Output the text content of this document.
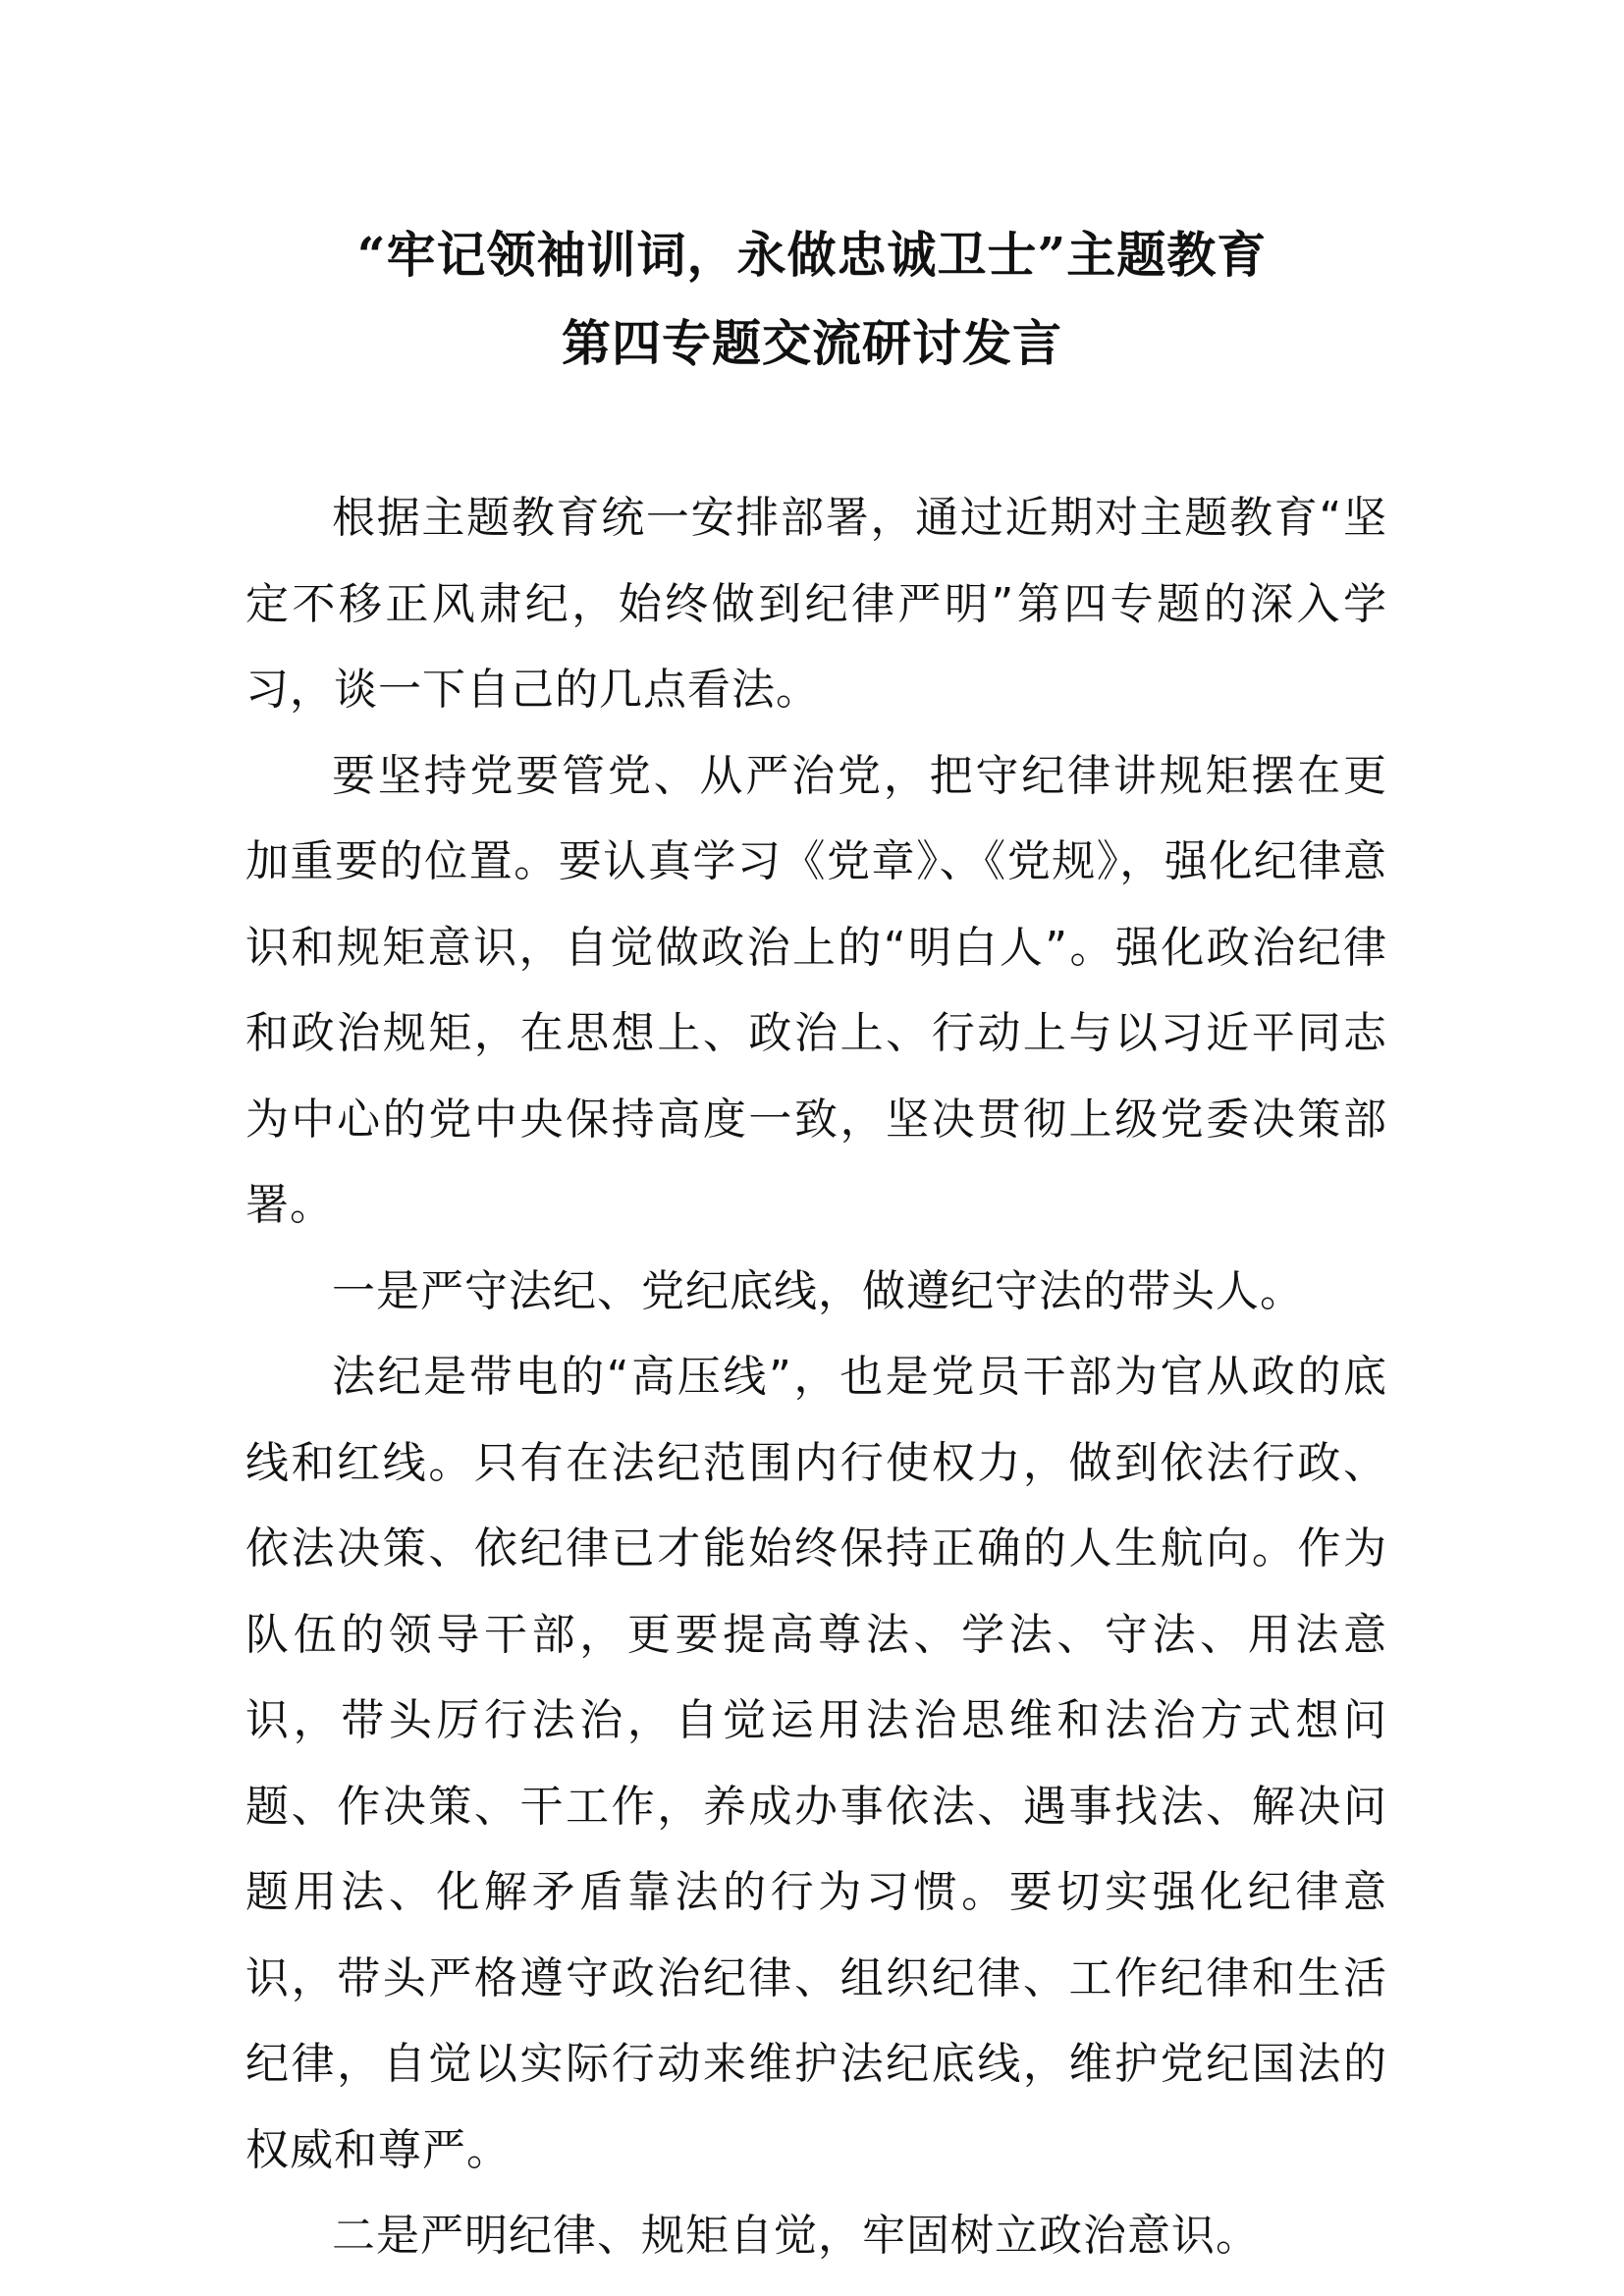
“牢记领袖训词，永做忠诚卫士”主题教育
第四专题交流研讨发言

根据主题教育统一安排部署，通过近期对主题教育“坚定不移正风肃纪，始终做到纪律严明”第四专题的深入学习，谈一下自己的几点看法。

要坚持党要管党、从严治党，把守纪律讲规矩摆在更加重要的位置。要认真学习《党章》、《党规》，强化纪律意识和规矩意识，自觉做政治上的“明白人”。强化政治纪律和政治规矩，在思想上、政治上、行动上与以习近平同志为中心的党中央保持高度一致，坚决贯彻上级党委决策部署。

一是严守法纪、党纪底线，做遵纪守法的带头人。

法纪是带电的“高压线”，也是党员干部为官从政的底线和红线。只有在法纪范围内行使权力，做到依法行政、依法决策、依纪律已才能始终保持正确的人生航向。作为队伍的领导干部，更要提高尊法、学法、守法、用法意识，带头厉行法治，自觉运用法治思维和法治方式想问题、作决策、干工作，养成办事依法、遇事找法、解决问题用法、化解矛盾靠法的行为习惯。要切实强化纪律意识，带头严格遵守政治纪律、组织纪律、工作纪律和生活纪律，自觉以实际行动来维护法纪底线，维护党纪国法的权威和尊严。

二是严明纪律、规矩自觉，牢固树立政治意识。
